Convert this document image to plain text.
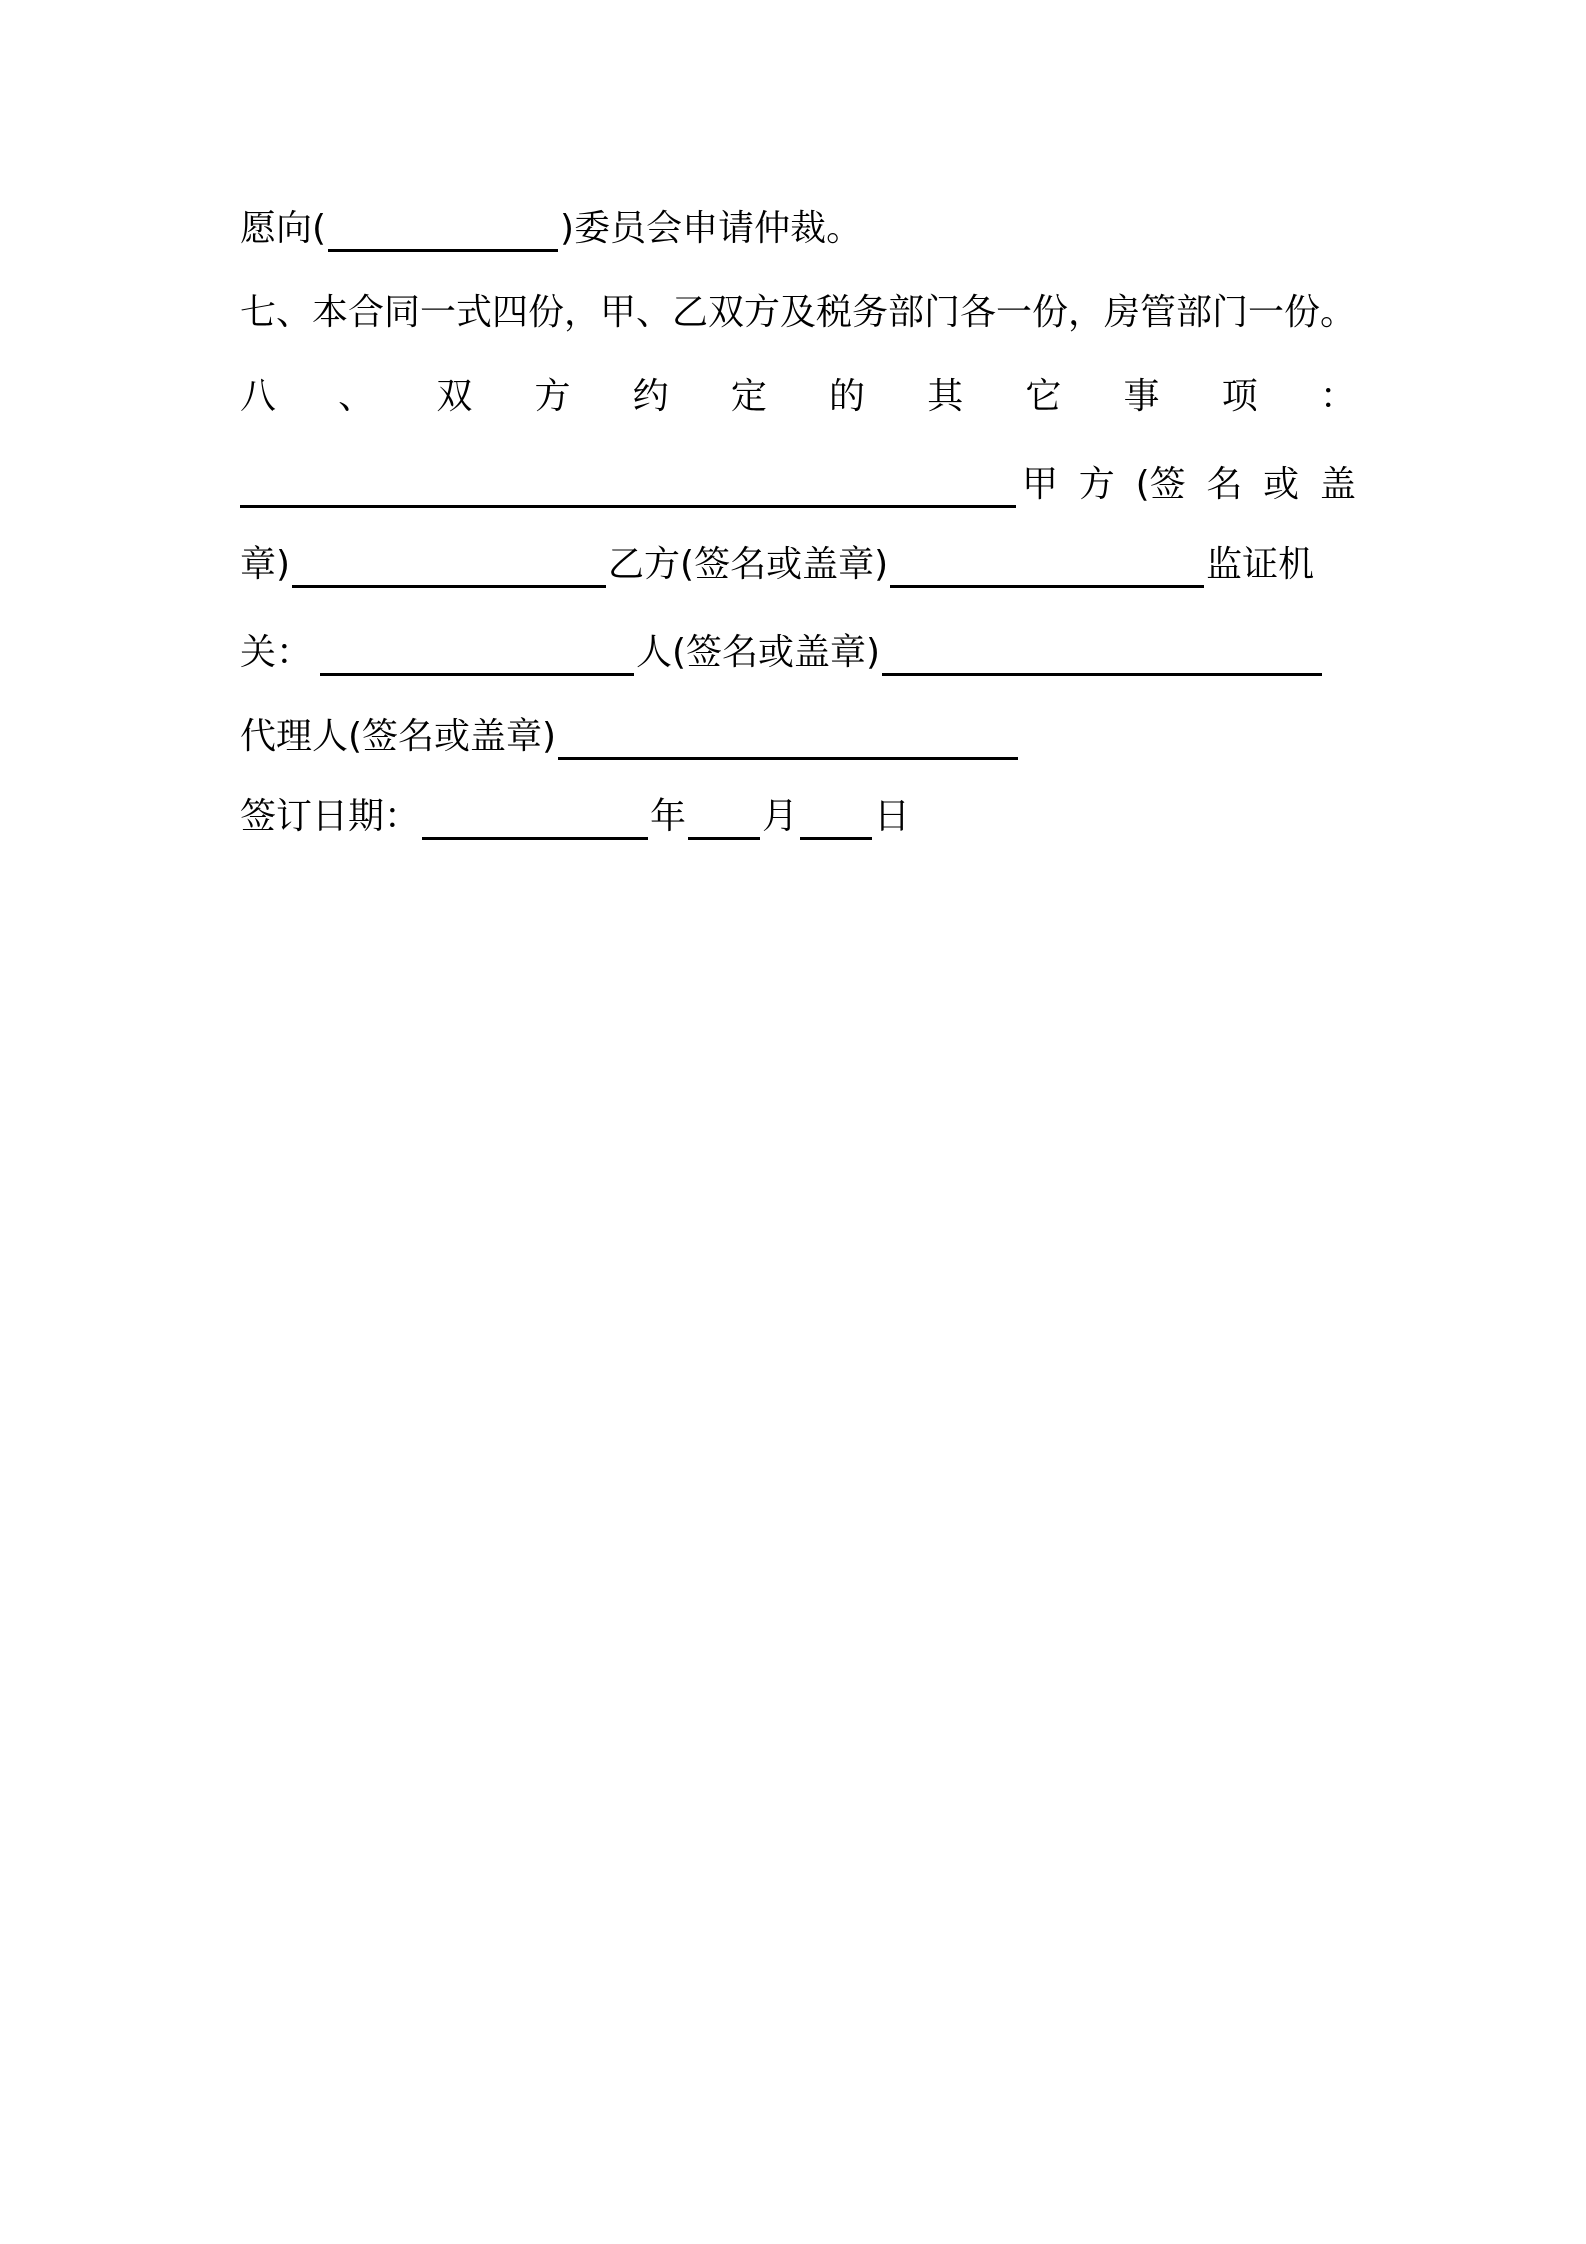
愿向(	)委员会申请仲裁。
七、本合同一式四份，甲、乙双方及税务部门各一份，房管部门一份。
八 、 双 方 约 定 的 其 它 事 项 ：
甲 方 (签 名 或 盖
章)	乙方(签名或盖章)	监证机
关：	人(签名或盖章)
代理人(签名或盖章)
签订日期：	年 月 日
